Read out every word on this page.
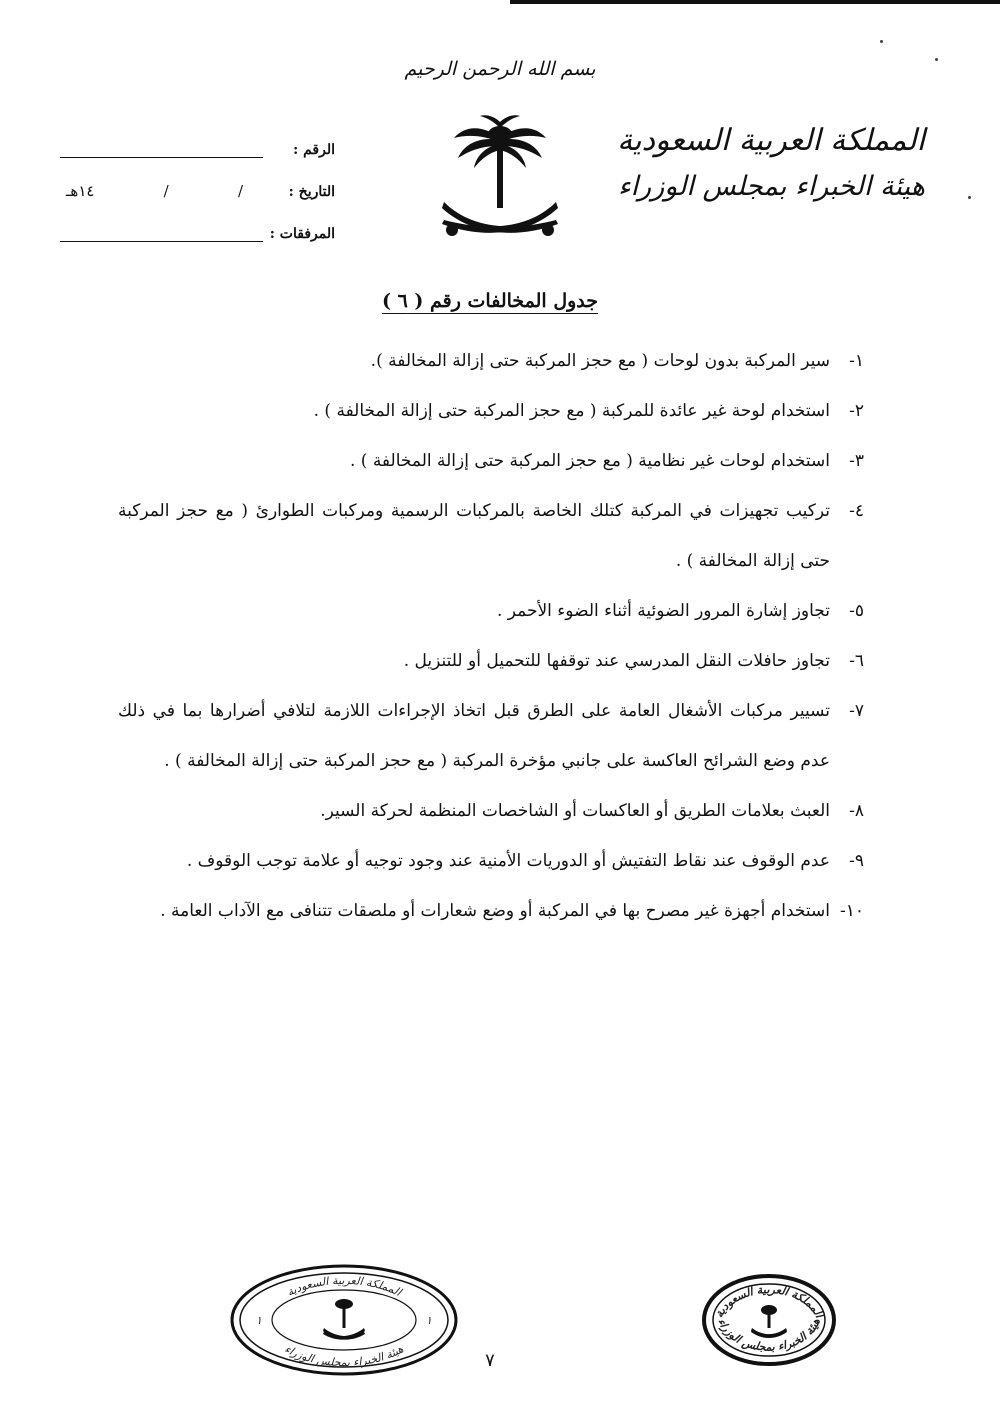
بسم الله الرحمن الرحيم
المملكة العربية السعودية
هيئة الخبراء بمجلس الوزراء
الرقم :
التاريخ :
/
/
١٤هـ
المرفقات :
جدول المخالفات رقم ( ٦ )
١-
سير المركبة بدون لوحات ( مع حجز المركبة حتى إزالة المخالفة ).
٢-
استخدام لوحة غير عائدة للمركبة ( مع حجز المركبة حتى إزالة المخالفة ) .
٣-
استخدام لوحات غير نظامية ( مع حجز المركبة حتى إزالة المخالفة ) .
٤-
تركيب تجهيزات في المركبة كتلك الخاصة بالمركبات الرسمية ومركبات الطوارئ ( مع حجز المركبة حتى إزالة المخالفة ) .
٥-
تجاوز إشارة المرور الضوئية أثناء الضوء الأحمر .
٦-
تجاوز حافلات النقل المدرسي عند توقفها للتحميل أو للتنزيل .
٧-
تسيير مركبات الأشغال العامة على الطرق قبل اتخاذ الإجراءات اللازمة لتلافي أضرارها بما في ذلك عدم وضع الشرائح العاكسة على جانبي مؤخرة المركبة ( مع حجز المركبة حتى إزالة المخالفة ) .
٨-
العبث بعلامات الطريق أو العاكسات أو الشاخصات المنظمة لحركة السير.
٩-
عدم الوقوف عند نقاط التفتيش أو الدوريات الأمنية عند وجود توجيه أو علامة توجب الوقوف .
١٠-
استخدام أجهزة غير مصرح بها في المركبة أو وضع شعارات أو ملصقات تتنافى مع الآداب العامة .
المملكة العربية السعودية
هيئة الخبراء بمجلس الوزراء
١	١	المملكة العربية السعودية
هيئة الخبراء بمجلس الوزراء
٧
